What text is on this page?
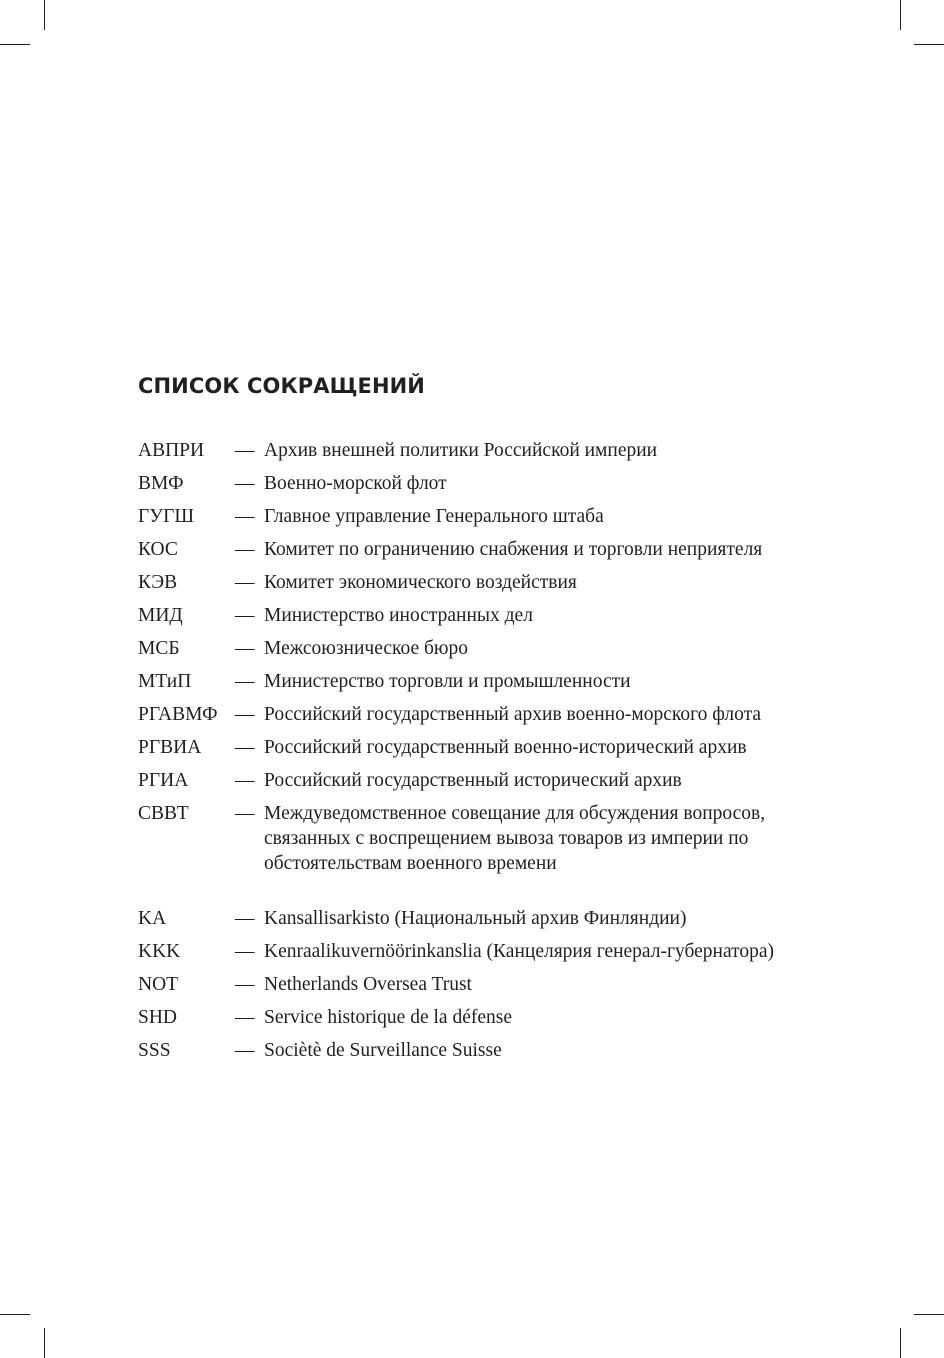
СПИСОК СОКРАЩЕНИЙ
АВПРИ	— Архив внешней политики Российской империи
ВМФ	— Военно-морской флот
ГУГШ	— Главное управление Генерального штаба
КОС	— Комитет по ограничению снабжения и торговли неприятеля
КЭВ	— Комитет экономического воздействия
МИД	— Министерство иностранных дел
МСБ	— Межсоюзническое бюро
МТиП	— Министерство торговли и промышленности
РГАВМФ — Российский государственный архив военно-морского флота
РГВИА	— Российский государственный военно-исторический архив
РГИА	— Российский государственный исторический архив
СВВТ	— Междуведомственное совещание для обсуждения вопросов, связанных с воспрещением вывоза товаров из империи по обстоятельствам военного времени
KA	— Kansallisarkisto (Национальный архив Финляндии)
KKK	— Kenraalikuvernöörinkanslia (Канцелярия генерал-губернатора)
NOT	— Netherlands Oversea Trust
SHD	— Service historique de la défense
SSS	— Sociètè de Surveillance Suisse
